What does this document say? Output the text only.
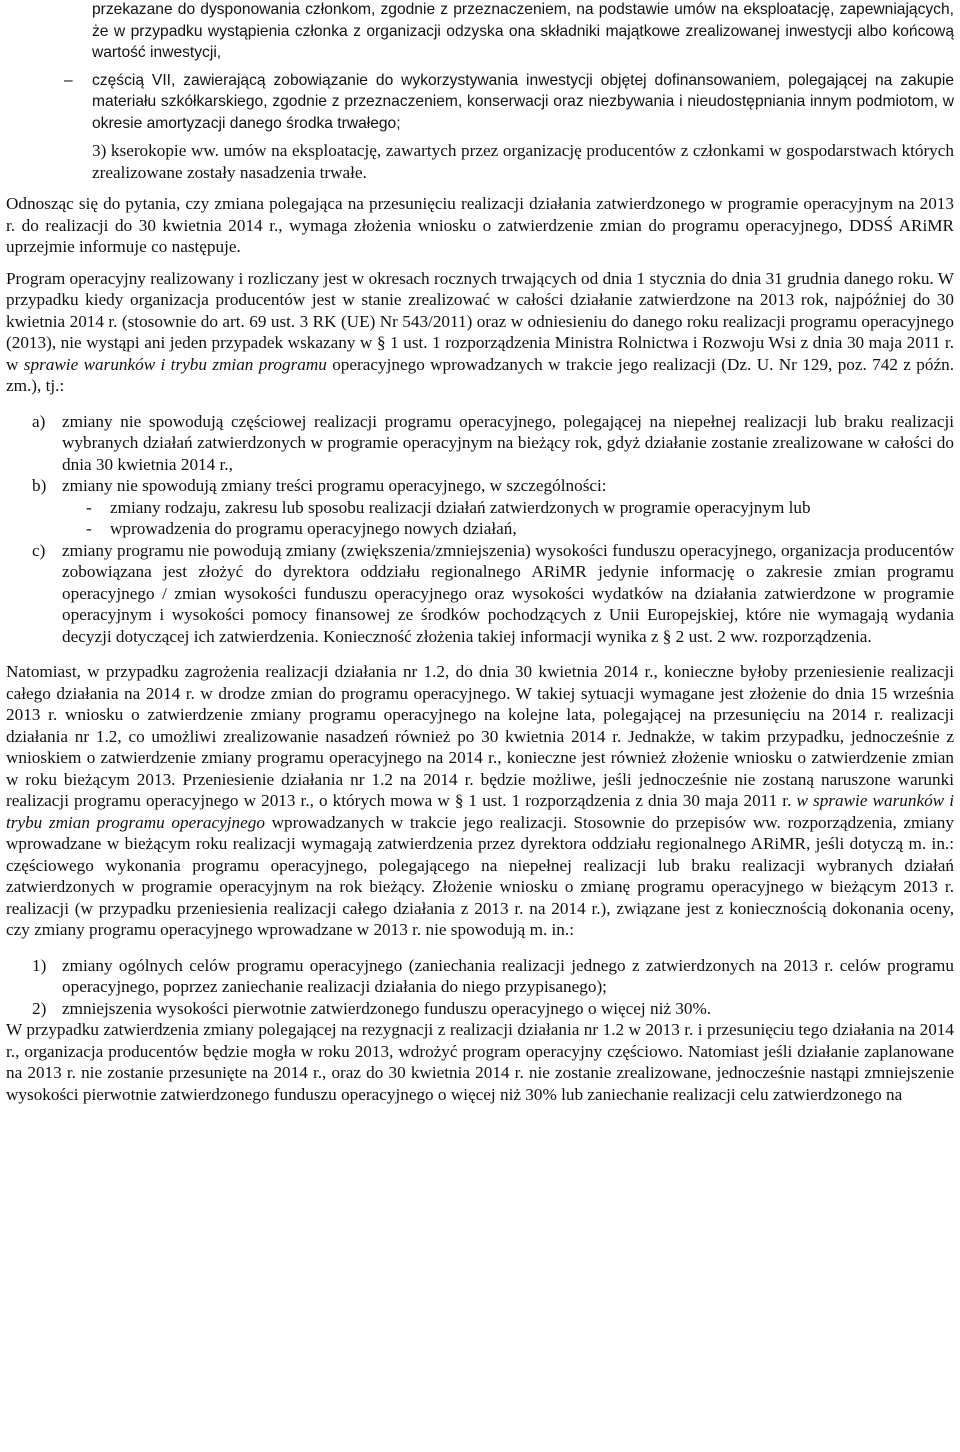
przekazane do dysponowania członkom, zgodnie z przeznaczeniem, na podstawie umów na eksploatację, zapewniających, że w przypadku wystąpienia członka z organizacji odzyska ona składniki majątkowe zrealizowanej inwestycji albo końcową wartość inwestycji,

– częścią VII, zawierającą zobowiązanie do wykorzystywania inwestycji objętej dofinansowaniem, polegającej na zakupie materiału szkółkarskiego, zgodnie z przeznaczeniem, konserwacji oraz niezbywania i nieudostępniania innym podmiotom, w okresie amortyzacji danego środka trwałego;

3) kserokopie ww. umów na eksploatację, zawartych przez organizację producentów z członkami w gospodarstwach których zrealizowane zostały nasadzenia trwałe.

Odnosząc się do pytania, czy zmiana polegająca na przesunięciu realizacji działania zatwierdzonego w programie operacyjnym na 2013 r. do realizacji do 30 kwietnia 2014 r., wymaga złożenia wniosku o zatwierdzenie zmian do programu operacyjnego, DDSŚ ARiMR uprzejmie informuje co następuje.

Program operacyjny realizowany i rozliczany jest w okresach rocznych trwających od dnia 1 stycznia do dnia 31 grudnia danego roku. W przypadku kiedy organizacja producentów jest w stanie zrealizować w całości działanie zatwierdzone na 2013 rok, najpóźniej do 30 kwietnia 2014 r. (stosownie do art. 69 ust. 3 RK (UE) Nr 543/2011) oraz w odniesieniu do danego roku realizacji programu operacyjnego (2013), nie wystąpi ani jeden przypadek wskazany w § 1 ust. 1 rozporządzenia Ministra Rolnictwa i Rozwoju Wsi z dnia 30 maja 2011 r. w sprawie warunków i trybu zmian programu operacyjnego wprowadzanych w trakcie jego realizacji (Dz. U. Nr 129, poz. 742 z późn. zm.), tj.:

a) zmiany nie spowodują częściowej realizacji programu operacyjnego, polegającej na niepełnej realizacji lub braku realizacji wybranych działań zatwierdzonych w programie operacyjnym na bieżący rok, gdyż działanie zostanie zrealizowane w całości do dnia 30 kwietnia 2014 r.,

b) zmiany nie spowodują zmiany treści programu operacyjnego, w szczególności:

- zmiany rodzaju, zakresu lub sposobu realizacji działań zatwierdzonych w programie operacyjnym lub

- wprowadzenia do programu operacyjnego nowych działań,

c) zmiany programu nie powodują zmiany (zwiększenia/zmniejszenia) wysokości funduszu operacyjnego, organizacja producentów zobowiązana jest złożyć do dyrektora oddziału regionalnego ARiMR jedynie informację o zakresie zmian programu operacyjnego / zmian wysokości funduszu operacyjnego oraz wysokości wydatków na działania zatwierdzone w programie operacyjnym i wysokości pomocy finansowej ze środków pochodzących z Unii Europejskiej, które nie wymagają wydania decyzji dotyczącej ich zatwierdzenia. Konieczność złożenia takiej informacji wynika z § 2 ust. 2 ww. rozporządzenia.

Natomiast, w przypadku zagrożenia realizacji działania nr 1.2, do dnia 30 kwietnia 2014 r., konieczne byłoby przeniesienie realizacji całego działania na 2014 r. w drodze zmian do programu operacyjnego. W takiej sytuacji wymagane jest złożenie do dnia 15 września 2013 r. wniosku o zatwierdzenie zmiany programu operacyjnego na kolejne lata, polegającej na przesunięciu na 2014 r. realizacji działania nr 1.2, co umożliwi zrealizowanie nasadzeń również po 30 kwietnia 2014 r. Jednakże, w takim przypadku, jednocześnie z wnioskiem o zatwierdzenie zmiany programu operacyjnego na 2014 r., konieczne jest również złożenie wniosku o zatwierdzenie zmian w roku bieżącym 2013. Przeniesienie działania nr 1.2 na 2014 r. będzie możliwe, jeśli jednocześnie nie zostaną naruszone warunki realizacji programu operacyjnego w 2013 r., o których mowa w § 1 ust. 1 rozporządzenia z dnia 30 maja 2011 r. w sprawie warunków i trybu zmian programu operacyjnego wprowadzanych w trakcie jego realizacji. Stosownie do przepisów ww. rozporządzenia, zmiany wprowadzane w bieżącym roku realizacji wymagają zatwierdzenia przez dyrektora oddziału regionalnego ARiMR, jeśli dotyczą m. in.: częściowego wykonania programu operacyjnego, polegającego na niepełnej realizacji lub braku realizacji wybranych działań zatwierdzonych w programie operacyjnym na rok bieżący. Złożenie wniosku o zmianę programu operacyjnego w bieżącym 2013 r. realizacji (w przypadku przeniesienia realizacji całego działania z 2013 r. na 2014 r.), związane jest z koniecznością dokonania oceny, czy zmiany programu operacyjnego wprowadzane w 2013 r. nie spowodują m. in.:

1) zmiany ogólnych celów programu operacyjnego (zaniechania realizacji jednego z zatwierdzonych na 2013 r. celów programu operacyjnego, poprzez zaniechanie realizacji działania do niego przypisanego);

2) zmniejszenia wysokości pierwotnie zatwierdzonego funduszu operacyjnego o więcej niż 30%.

W przypadku zatwierdzenia zmiany polegającej na rezygnacji z realizacji działania nr 1.2 w 2013 r. i przesunięciu tego działania na 2014 r., organizacja producentów będzie mogła w roku 2013, wdrożyć program operacyjny częściowo. Natomiast jeśli działanie zaplanowane na 2013 r. nie zostanie przesunięte na 2014 r., oraz do 30 kwietnia 2014 r. nie zostanie zrealizowane, jednocześnie nastąpi zmniejszenie wysokości pierwotnie zatwierdzonego funduszu operacyjnego o więcej niż 30% lub zaniechanie realizacji celu zatwierdzonego na
